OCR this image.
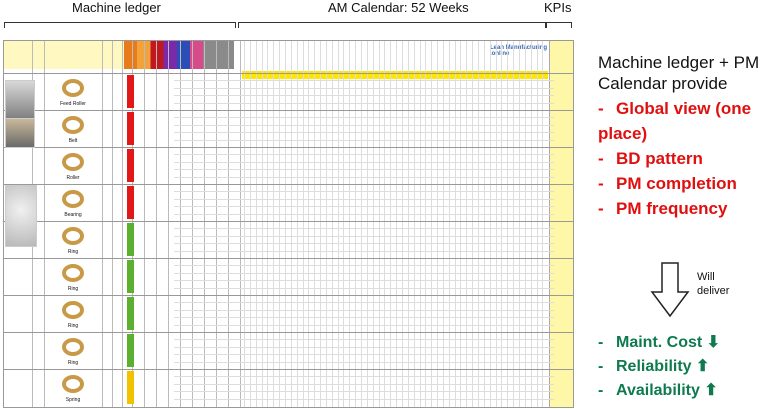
Machine ledger	AM Calendar: 52 Weeks	KPIs
Lean Manufacturing .online
Feed Roller
Belt
Roller
Bearing
Ring
Ring
Ring
Ring
Spring
Machine ledger + PM Calendar provide
- Global view (one place)
- BD pattern
- PM completion
- PM frequency
Will deliver
- Maint. Cost ⬇
- Reliability ⬆
- Availability ⬆
